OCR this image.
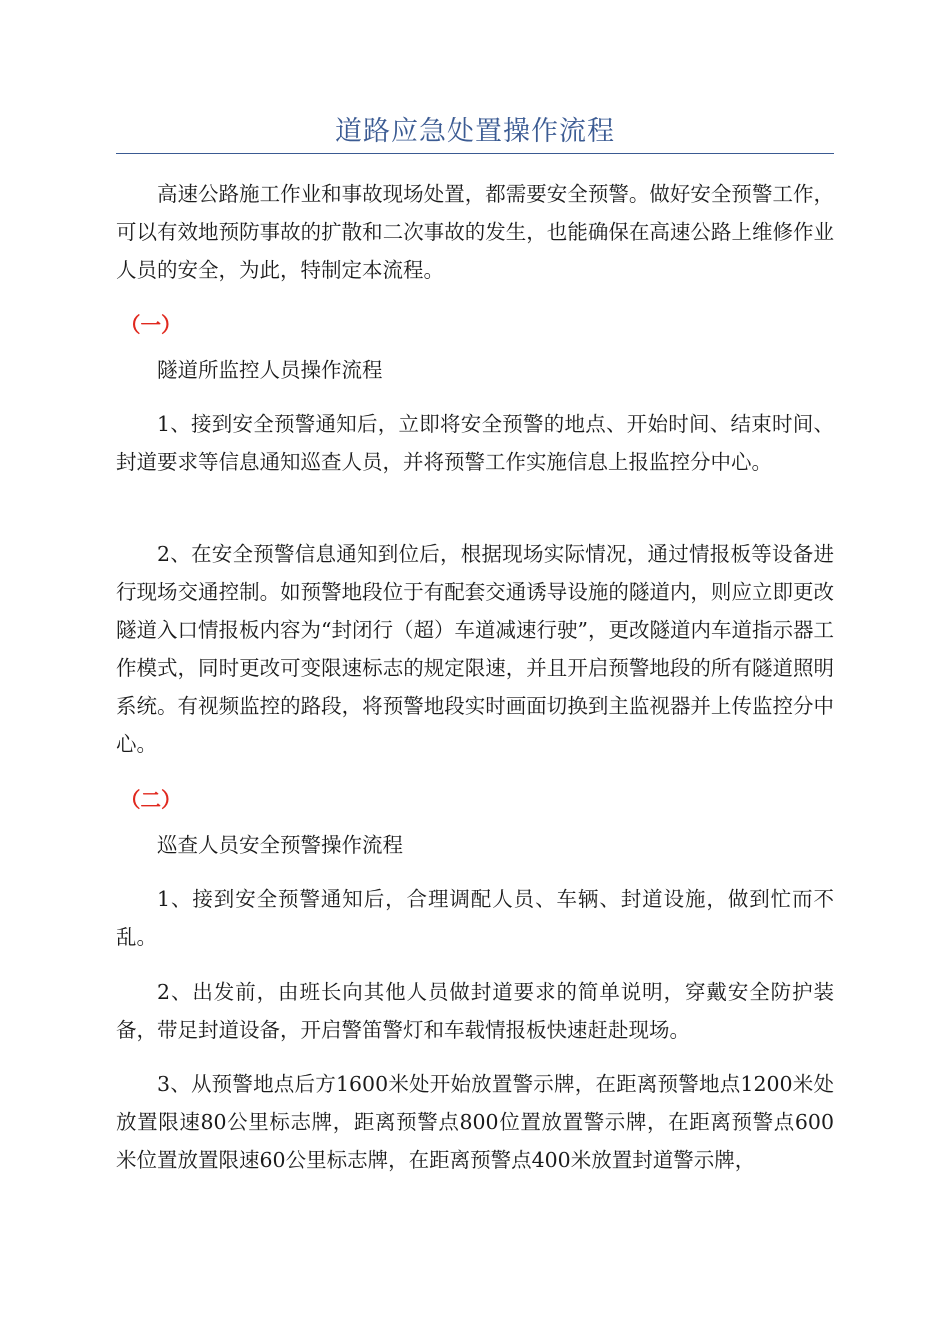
道路应急处置操作流程

高速公路施工作业和事故现场处置，都需要安全预警。做好安全预警工作，可以有效地预防事故的扩散和二次事故的发生，也能确保在高速公路上维修作业人员的安全，为此，特制定本流程。

（一）
隧道所监控人员操作流程

1、接到安全预警通知后，立即将安全预警的地点、开始时间、结束时间、封道要求等信息通知巡查人员，并将预警工作实施信息上报监控分中心。

2、在安全预警信息通知到位后，根据现场实际情况，通过情报板等设备进行现场交通控制。如预警地段位于有配套交通诱导设施的隧道内，则应立即更改隧道入口情报板内容为“封闭行（超）车道减速行驶”，更改隧道内车道指示器工作模式，同时更改可变限速标志的规定限速，并且开启预警地段的所有隧道照明系统。有视频监控的路段，将预警地段实时画面切换到主监视器并上传监控分中心。

（二）
巡查人员安全预警操作流程

1、接到安全预警通知后，合理调配人员、车辆、封道设施，做到忙而不乱。

2、出发前，由班长向其他人员做封道要求的简单说明，穿戴安全防护装备，带足封道设备，开启警笛警灯和车载情报板快速赶赴现场。

3、从预警地点后方1600米处开始放置警示牌，在距离预警地点1200米处放置限速80公里标志牌，距离预警点800位置放置警示牌，在距离预警点600米位置放置限速60公里标志牌，在距离预警点400米放置封道警示牌，
